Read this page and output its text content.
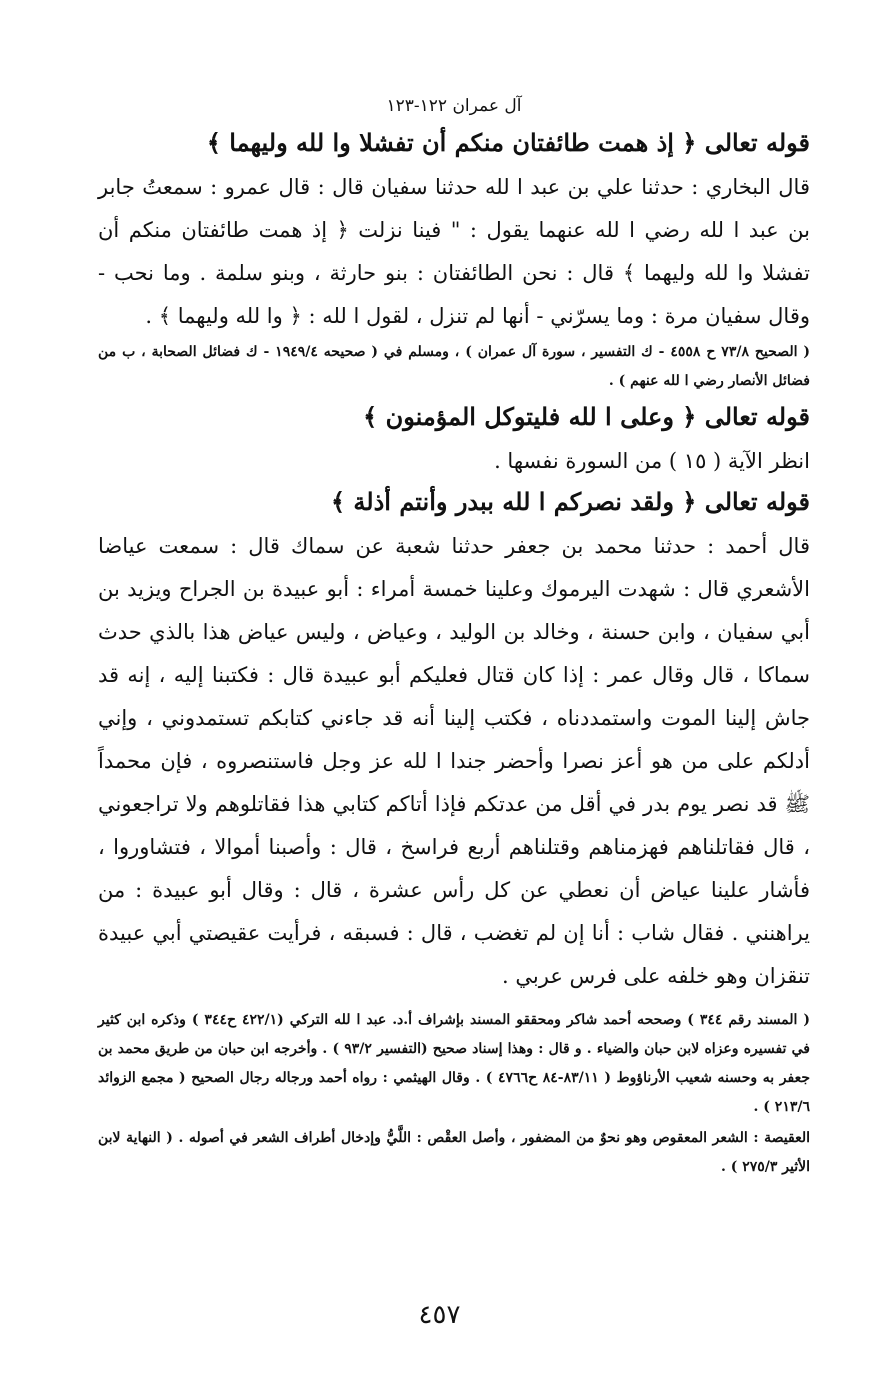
آل عمران ١٢٢-١٢٣

قوله تعالى ﴿ إذ همت طائفتان منكم أن تفشلا وا لله وليهما ﴾

قال البخاري : حدثنا علي بن عبد ا لله حدثنا سفيان قال : قال عمرو : سمعتُ جابر بن عبد ا لله رضي ا لله عنهما يقول : " فينا نزلت ﴿ إذ همت طائفتان منكم أن تفشلا وا لله وليهما ﴾ قال : نحن الطائفتان : بنو حارثة ، وبنو سلمة . وما نحب - وقال سفيان مرة : وما يسرّني - أنها لم تنزل ، لقول ا لله : ﴿ وا لله وليهما ﴾ .

( الصحيح ٧٣/٨ ح ٤٥٥٨ - ك التفسير ، سورة آل عمران ) ، ومسلم في ( صحيحه ١٩٤٩/٤ - ك فضائل الصحابة ، ب من فضائل الأنصار رضي ا لله عنهم ) .

قوله تعالى ﴿ وعلى ا لله فليتوكل المؤمنون ﴾

انظر الآية ( ١٥ ) من السورة نفسها .

قوله تعالى ﴿ ولقد نصركم ا لله ببدر وأنتم أذلة ﴾

قال أحمد : حدثنا محمد بن جعفر حدثنا شعبة عن سماك قال : سمعت عياضا الأشعري قال : شهدت اليرموك وعلينا خمسة أمراء : أبو عبيدة بن الجراح ويزيد بن أبي سفيان ، وابن حسنة ، وخالد بن الوليد ، وعياض ، وليس عياض هذا بالذي حدث سماكا ، قال وقال عمر : إذا كان قتال فعليكم أبو عبيدة قال : فكتبنا إليه ، إنه قد جاش إلينا الموت واستمددناه ، فكتب إلينا أنه قد جاءني كتابكم تستمدوني ، وإني أدلكم على من هو أعز نصرا وأحضر جندا ا لله عز وجل فاستنصروه ، فإن محمداً ﷺ قد نصر يوم بدر في أقل من عدتكم فإذا أتاكم كتابي هذا فقاتلوهم ولا تراجعوني ، قال فقاتلناهم فهزمناهم وقتلناهم أربع فراسخ ، قال : وأصبنا أموالا ، فتشاوروا ، فأشار علينا عياض أن نعطي عن كل رأس عشرة ، قال : وقال أبو عبيدة : من يراهنني . فقال شاب : أنا إن لم تغضب ، قال : فسبقه ، فرأيت عقيصتي أبي عبيدة تنقزان وهو خلفه على فرس عربي .

( المسند رقم ٣٤٤ ) وصححه أحمد شاكر ومحققو المسند بإشراف أ.د. عبد ا لله التركي (٤٢٢/١ ح٣٤٤ ) وذكره ابن كثير في تفسيره وعزاه لابن حبان والضياء . و قال : وهذا إسناد صحيح (التفسير ٩٣/٢ ) . وأخرجه ابن حبان من طريق محمد بن جعفر به وحسنه شعيب الأرناؤوط ( ٨٣/١١-٨٤ ح٤٧٦٦ ) . وقال الهيثمي : رواه أحمد ورجاله رجال الصحيح ( مجمع الزوائد ٢١٣/٦ ) .

العقيصة : الشعر المعقوص وهو نحوٌ من المضفور ، وأصل العقْص : اللَّيُّ وإدخال أطراف الشعر في أصوله . ( النهاية لابن الأثير ٢٧٥/٣ ) .

٤٥٧
